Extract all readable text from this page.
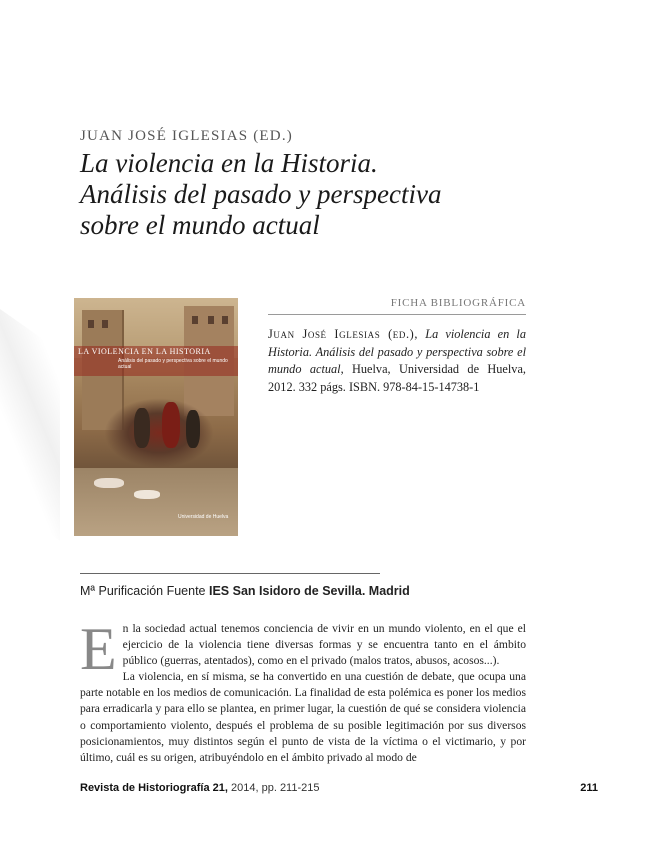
JUAN JOSÉ IGLESIAS (ED.)
La violencia en la Historia.
Análisis del pasado y perspectiva
sobre el mundo actual
LA VIOLENCIA EN LA HISTORIA
Análisis del pasado y perspectiva sobre el mundo actual
Universidad de Huelva
FICHA BIBLIOGRÁFICA
Juan José Iglesias (ed.), La violencia en la Historia. Análisis del pasado y perspectiva sobre el mundo actual, Huelva, Universidad de Huelva, 2012. 332 págs. ISBN. 978-84-15-14738-1
Mª Purificación Fuente IES San Isidoro de Sevilla. Madrid
E n la sociedad actual tenemos conciencia de vivir en un mundo violento, en el que el ejercicio de la violencia tiene diversas formas y se encuentra tanto en el ámbito público (guerras, atentados), como en el privado (malos tratos, abusos, acosos...).

La violencia, en sí misma, se ha convertido en una cuestión de debate, que ocupa una parte notable en los medios de comunicación. La finalidad de esta polémica es poner los medios para erradicarla y para ello se plantea, en primer lugar, la cuestión de qué se considera violencia o comportamiento violento, después el problema de su posible legitimación por sus diversos posicionamientos, muy distintos según el punto de vista de la víctima o el victimario, y por último, cuál es su origen, atribuyéndolo en el ámbito privado al modo de

Revista de Historiografía 21, 2014, pp. 211-215	211
